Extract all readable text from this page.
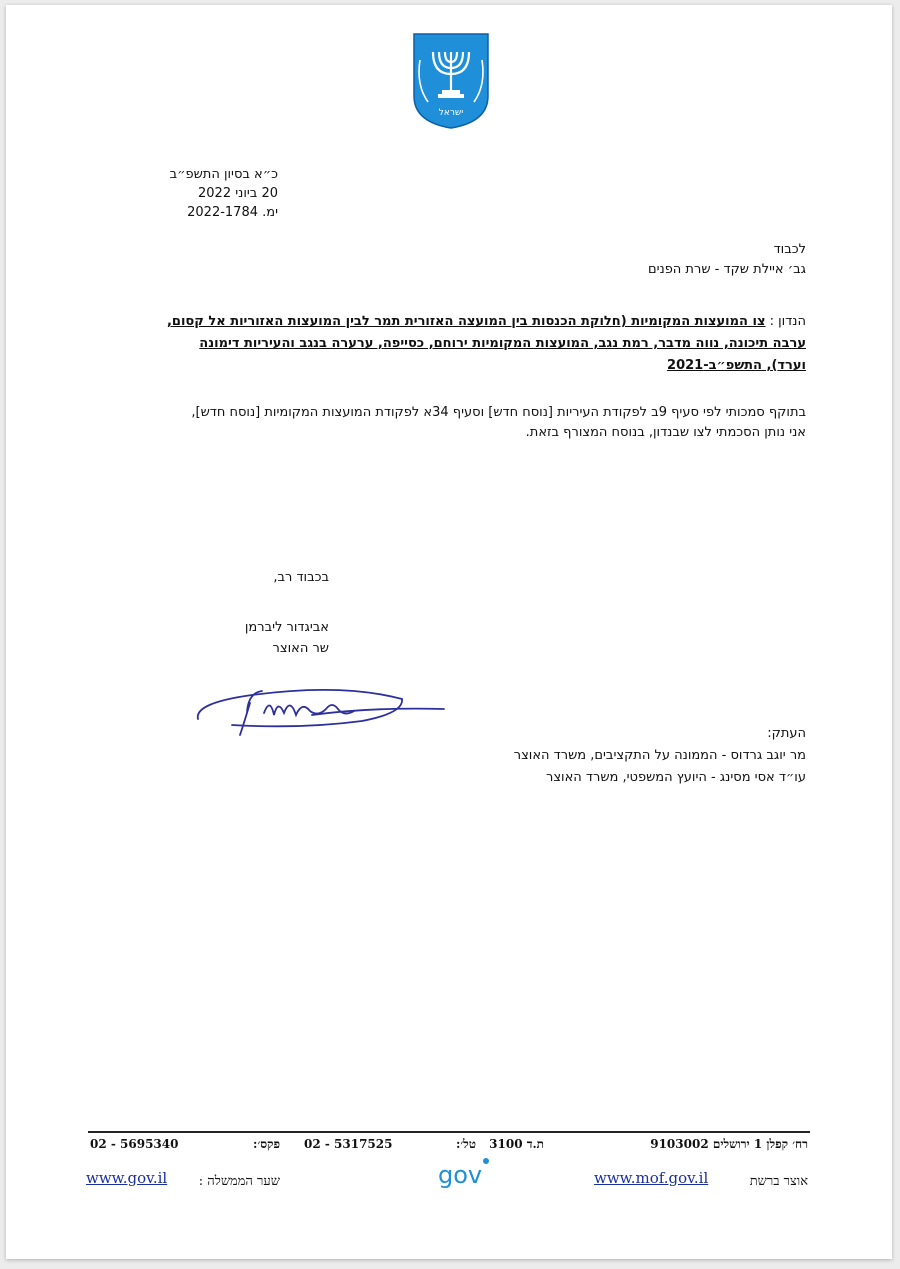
ישראל
כ״א בסיון התשפ״ב
20 ביוני 2022
ימ. 2022-1784
לכבוד
גב׳ איילת שקד - שרת הפנים
הנדון : צו המועצות המקומיות (חלוקת הכנסות בין המועצה האזורית תמר לבין המועצות האזוריות אל קסום,
ערבה תיכונה, נווה מדבר, רמת נגב, המועצות המקומיות ירוחם, כסייפה, ערערה בנגב והעיריות דימונה
וערד), התשפ״ב-2021
בתוקף סמכותי לפי סעיף 9ב לפקודת העיריות [נוסח חדש] וסעיף 34א לפקודת המועצות המקומיות [נוסח חדש],
אני נותן הסכמתי לצו שבנדון, בנוסח המצורף בזאת.
בכבוד רב,
אביגדור ליברמן
שר האוצר
העתק:
מר יוגב גרדוס - הממונה על התקציבים, משרד האוצר
עו״ד אסי מסינג - היועץ המשפטי, משרד האוצר
רח׳ קפלן 1 ירושלים 9103002
ת.ד 3100
טל׳:
02 - 5317525
פקס׳:
02 - 5695340
אוצר ברשת
www.mof.gov.il
gov
שער הממשלה :
www.gov.il
